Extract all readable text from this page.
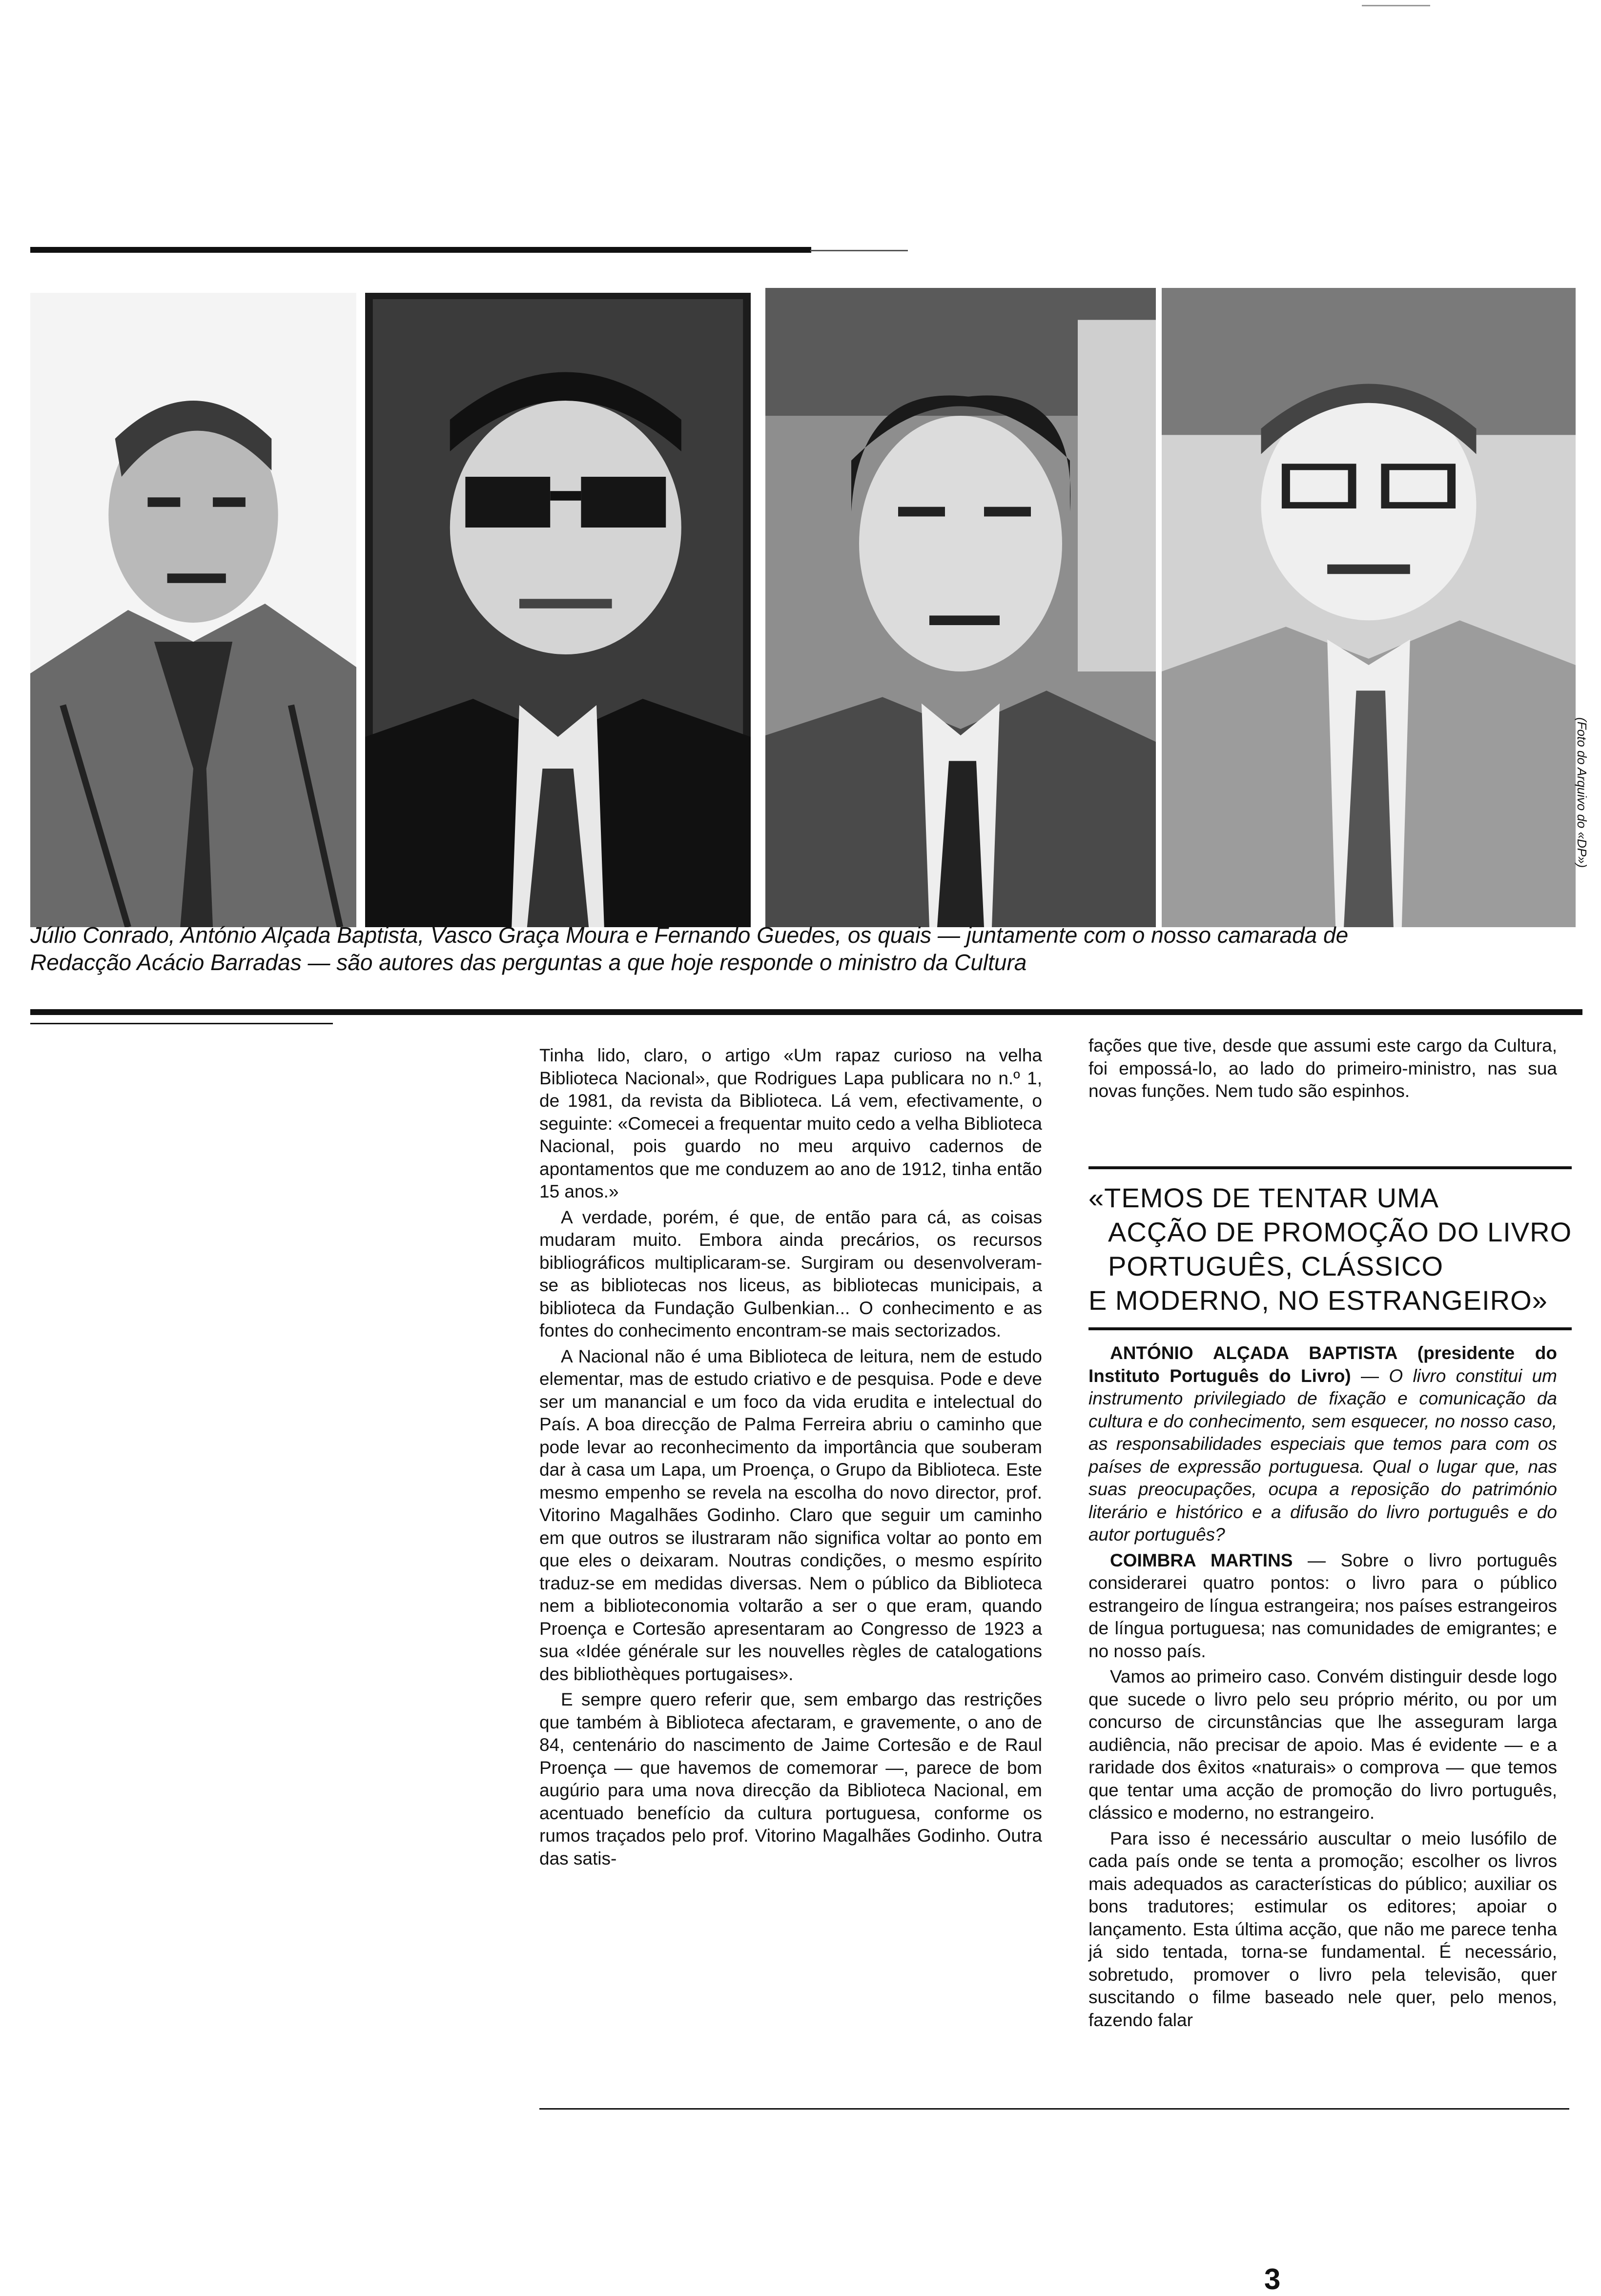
(Foto do Arquivo do «DP»)

Júlio Conrado, António Alçada Baptista, Vasco Graça Moura e Fernando Guedes, os quais — juntamente com o nosso camarada de

Redacção Acácio Barradas — são autores das perguntas a que hoje responde o ministro da Cultura

Tinha lido, claro, o artigo «Um rapaz curioso na velha Biblioteca Nacional», que Rodrigues Lapa publicara no n.º 1, de 1981, da revista da Biblioteca. Lá vem, efectivamente, o seguinte: «Comecei a frequentar muito cedo a velha Biblioteca Nacional, pois guardo no meu arquivo cadernos de apontamentos que me conduzem ao ano de 1912, tinha então 15 anos.»

A verdade, porém, é que, de então para cá, as coisas mudaram muito. Embora ainda precários, os recursos bibliográficos multiplicaram-se. Surgiram ou desenvolveram-se as bibliotecas nos liceus, as bibliotecas municipais, a biblioteca da Fundação Gulbenkian... O conhecimento e as fontes do conhecimento encontram-se mais sectorizados.

A Nacional não é uma Biblioteca de leitura, nem de estudo elementar, mas de estudo criativo e de pesquisa. Pode e deve ser um manancial e um foco da vida erudita e intelectual do País. A boa direcção de Palma Ferreira abriu o caminho que pode levar ao reconhecimento da importância que souberam dar à casa um Lapa, um Proença, o Grupo da Biblioteca. Este mesmo empenho se revela na escolha do novo director, prof. Vitorino Magalhães Godinho. Claro que seguir um caminho em que outros se ilustraram não significa voltar ao ponto em que eles o deixaram. Noutras condições, o mesmo espírito traduz-se em medidas diversas. Nem o público da Biblioteca nem a biblioteconomia voltarão a ser o que eram, quando Proença e Cortesão apresentaram ao Congresso de 1923 a sua «Idée générale sur les nouvelles règles de catalogations des bibliothèques portugaises».

E sempre quero referir que, sem embargo das restrições que também à Biblioteca afectaram, e gravemente, o ano de 84, centenário do nascimento de Jaime Cortesão e de Raul Proença — que havemos de comemorar —, parece de bom augúrio para uma nova direcção da Biblioteca Nacional, em acentuado benefício da cultura portuguesa, conforme os rumos traçados pelo prof. Vitorino Magalhães Godinho. Outra das satis-

fações que tive, desde que assumi este cargo da Cultura, foi empossá-lo, ao lado do primeiro-ministro, nas sua novas funções. Nem tudo são espinhos.

«TEMOS DE TENTAR UMA
ACÇÃO DE PROMOÇÃO DO LIVRO
PORTUGUÊS, CLÁSSICO
E MODERNO, NO ESTRANGEIRO»

ANTÓNIO ALÇADA BAPTISTA (presidente do Instituto Português do Livro) — O livro constitui um instrumento privilegiado de fixação e comunicação da cultura e do conhecimento, sem esquecer, no nosso caso, as responsabilidades especiais que temos para com os países de expressão portuguesa. Qual o lugar que, nas suas preocupações, ocupa a reposição do património literário e histórico e a difusão do livro português e do autor português?

COIMBRA MARTINS — Sobre o livro português considerarei quatro pontos: o livro para o público estrangeiro de língua estrangeira; nos países estrangeiros de língua portuguesa; nas comunidades de emigrantes; e no nosso país.

Vamos ao primeiro caso. Convém distinguir desde logo que sucede o livro pelo seu próprio mérito, ou por um concurso de circunstâncias que lhe asseguram larga audiência, não precisar de apoio. Mas é evidente — e a raridade dos êxitos «naturais» o comprova — que temos que tentar uma acção de promoção do livro português, clássico e moderno, no estrangeiro.

Para isso é necessário auscultar o meio lusófilo de cada país onde se tenta a promoção; escolher os livros mais adequados as características do público; auxiliar os bons tradutores; estimular os editores; apoiar o lançamento. Esta última acção, que não me parece tenha já sido tentada, torna-se fundamental. É necessário, sobretudo, promover o livro pela televisão, quer suscitando o filme baseado nele quer, pelo menos, fazendo falar

3
